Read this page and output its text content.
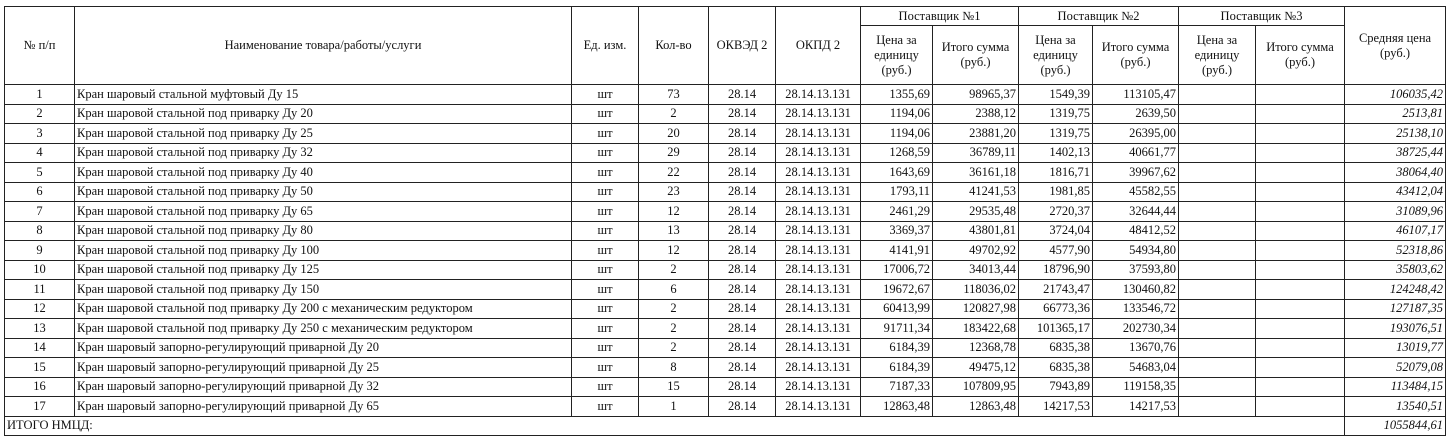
№ п/п	Наименование товара/работы/услуги	Ед. изм.	Кол-во	ОКВЭД 2	ОКПД 2	Поставщик №1		Поставщик №2		Поставщик №3		Средняя цена (руб.)
						Цена за единицу (руб.)	Итого сумма (руб.)	Цена за единицу (руб.)	Итого сумма (руб.)	Цена за единицу (руб.)	Итого сумма (руб.)	
1	Кран шаровый стальной муфтовый Ду 15	шт	73	28.14	28.14.13.131	1355,69	98965,37	1549,39	113105,47			106035,42
2	Кран шаровой стальной под приварку Ду 20	шт	2	28.14	28.14.13.131	1194,06	2388,12	1319,75	2639,50			2513,81
3	Кран шаровой стальной под приварку Ду 25	шт	20	28.14	28.14.13.131	1194,06	23881,20	1319,75	26395,00			25138,10
4	Кран шаровой стальной под приварку Ду 32	шт	29	28.14	28.14.13.131	1268,59	36789,11	1402,13	40661,77			38725,44
5	Кран шаровой стальной под приварку Ду 40	шт	22	28.14	28.14.13.131	1643,69	36161,18	1816,71	39967,62			38064,40
6	Кран шаровой стальной под приварку Ду 50	шт	23	28.14	28.14.13.131	1793,11	41241,53	1981,85	45582,55			43412,04
7	Кран шаровой стальной под приварку Ду 65	шт	12	28.14	28.14.13.131	2461,29	29535,48	2720,37	32644,44			31089,96
8	Кран шаровой стальной под приварку Ду 80	шт	13	28.14	28.14.13.131	3369,37	43801,81	3724,04	48412,52			46107,17
9	Кран шаровой стальной под приварку Ду 100	шт	12	28.14	28.14.13.131	4141,91	49702,92	4577,90	54934,80			52318,86
10	Кран шаровой стальной под приварку Ду 125	шт	2	28.14	28.14.13.131	17006,72	34013,44	18796,90	37593,80			35803,62
11	Кран шаровой стальной под приварку Ду 150	шт	6	28.14	28.14.13.131	19672,67	118036,02	21743,47	130460,82			124248,42
12	Кран шаровой стальной под приварку Ду 200 с механическим редуктором	шт	2	28.14	28.14.13.131	60413,99	120827,98	66773,36	133546,72			127187,35
13	Кран шаровой стальной под приварку Ду 250 с механическим редуктором	шт	2	28.14	28.14.13.131	91711,34	183422,68	101365,17	202730,34			193076,51
14	Кран шаровый запорно-регулирующий приварной Ду 20	шт	2	28.14	28.14.13.131	6184,39	12368,78	6835,38	13670,76			13019,77
15	Кран шаровый запорно-регулирующий приварной Ду 25	шт	8	28.14	28.14.13.131	6184,39	49475,12	6835,38	54683,04			52079,08
16	Кран шаровый запорно-регулирующий приварной Ду 32	шт	15	28.14	28.14.13.131	7187,33	107809,95	7943,89	119158,35			113484,15
17	Кран шаровый запорно-регулирующий приварной Ду 65	шт	1	28.14	28.14.13.131	12863,48	12863,48	14217,53	14217,53			13540,51
ИТОГО НМЦД:												1055844,61
